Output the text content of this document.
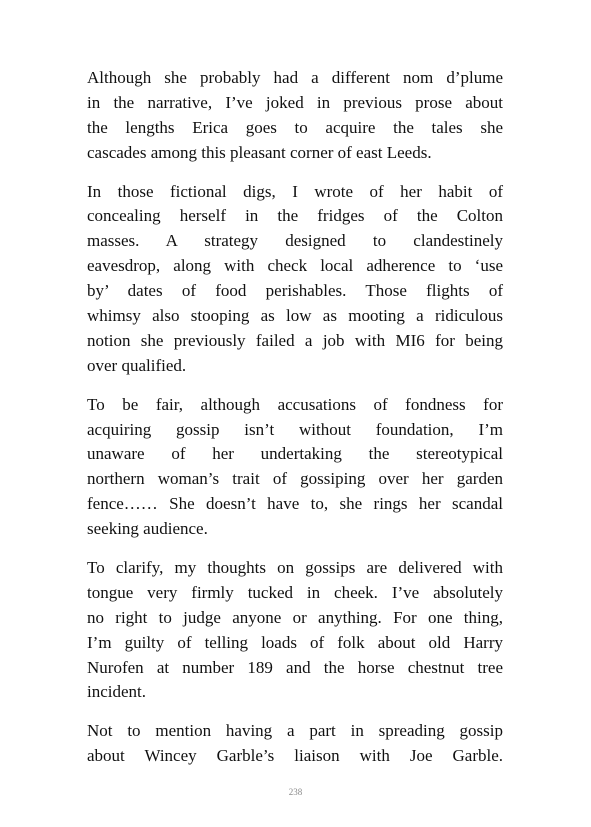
Although she probably had a different nom d’plume
in the narrative, I’ve joked in previous prose about
the lengths Erica goes to acquire the tales she
cascades among this pleasant corner of east Leeds.
In those fictional digs, I wrote of her habit of
concealing herself in the fridges of the Colton
masses. A strategy designed to clandestinely
eavesdrop, along with check local adherence to ‘use
by’ dates of food perishables. Those flights of
whimsy also stooping as low as mooting a ridiculous
notion she previously failed a job with MI6 for being
over qualified.
To be fair, although accusations of fondness for
acquiring gossip isn’t without foundation, I’m
unaware of her undertaking the stereotypical
northern woman’s trait of gossiping over her garden
fence…… She doesn’t have to, she rings her scandal
seeking audience.
To clarify, my thoughts on gossips are delivered with
tongue very firmly tucked in cheek. I’ve absolutely
no right to judge anyone or anything. For one thing,
I’m guilty of telling loads of folk about old Harry
Nurofen at number 189 and the horse chestnut tree
incident.
Not to mention having a part in spreading gossip
about Wincey Garble’s liaison with Joe Garble.
238
